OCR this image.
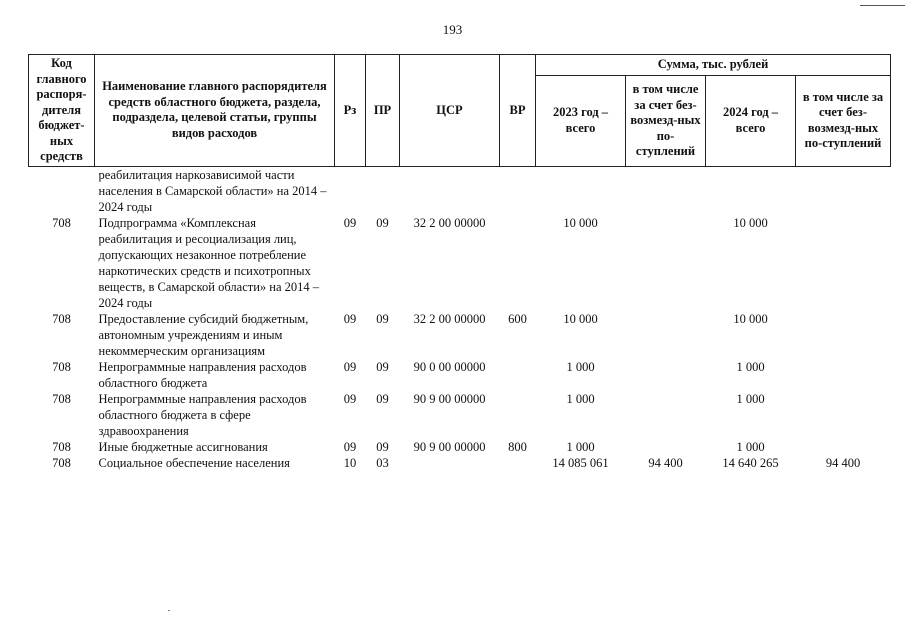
193
Код главного распоря-дителя бюджет-ных средств	Наименование главного распорядителя средств областного бюджета, раздела, подраздела, целевой статьи, группы видов расходов	Рз	ПР	ЦСР	ВР	Сумма, тыс. рублей			
						2023 год – всего	в том числе за счет без-возмезд-ных по-ступлений	2024 год – всего	в том числе за счет без-возмезд-ных по-ступлений
	реабилитация наркозависимой части населения в Самарской области» на 2014 – 2024 годы								
708	Подпрограмма «Комплексная реабилитация и ресоциализация лиц, допускающих незаконное потребление наркотических средств и психотропных веществ, в Самарской области» на 2014 – 2024 годы	09	09	32 2 00 00000		10 000		10 000	
708	Предоставление субсидий бюджетным, автономным учреждениям и иным некоммерческим организациям	09	09	32 2 00 00000	600	10 000		10 000	
708	Непрограммные направления расходов областного бюджета	09	09	90 0 00 00000		1 000		1 000	
708	Непрограммные направления расходов областного бюджета в сфере здравоохранения	09	09	90 9 00 00000		1 000		1 000	
708	Иные бюджетные ассигнования	09	09	90 9 00 00000	800	1 000		1 000	
708	Социальное обеспечение населения	10	03			14 085 061	94 400	14 640 265	94 400
